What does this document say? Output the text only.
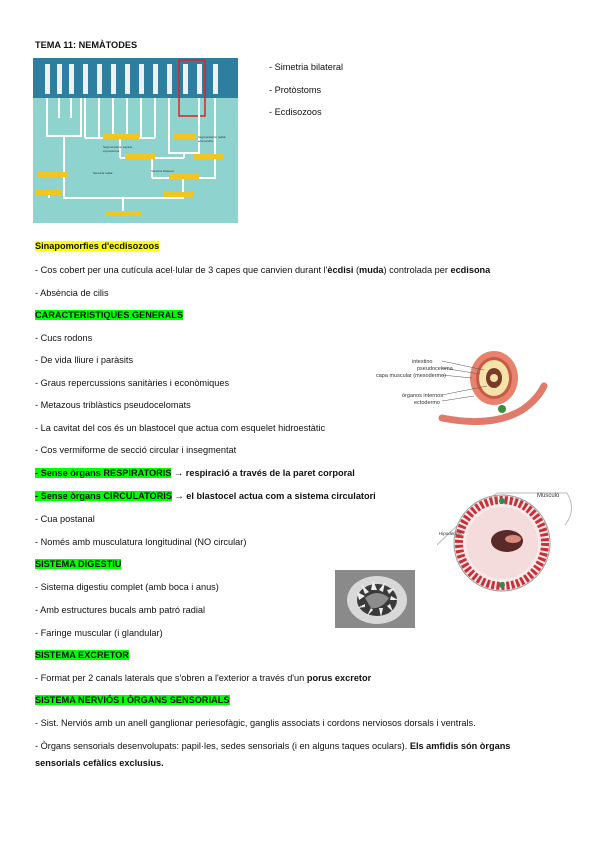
TEMA 11: NEMÀTODES
Segmentación espiral,
exposcecría,
Simetría radial	Simetría bilateral
Segmentación radial,
enterocelia,
- Simetria bilateral
- Protòstoms
- Ecdisozoos
Sinapomorfies d'ecdisozoos
- Cos cobert per una cutícula acel·lular de 3 capes que canvien durant l'ècdisi (muda) controlada per ecdisona
- Absència de cilis
CARACTERISTIQUES GENERALS
- Cucs rodons
- De vida lliure i paràsits
- Graus repercussions sanitàries i econòmiques
- Metazous triblàstics pseudocelomats
- La cavitat del cos és un blastocel que actua com esquelet hidroestàtic
- Cos vermiforme de secció circular i insegmentat
- Sense òrgans RESPIRATORIS → respiració a través de la paret corporal
- Sense òrgans CIRCULATORIS → el blastocel actua com a sistema circulatori
- Cua postanal
- Només amb musculatura longitudinal (NO circular)
intestino
pseudoceloma
capa muscular (mesodermo)
órganos internos
ectodermo
Músculo
Hipodermis
SISTEMA DIGESTIU
- Sistema digestiu complet (amb boca i anus)
- Amb estructures bucals amb patró radial
- Faringe muscular (i glandular)
SISTEMA EXCRETOR
- Format per 2 canals laterals que s'obren a l'exterior a través d'un porus excretor
SISTEMA NERVIÓS I ÒRGANS SENSORIALS
- Sist. Nerviós amb un anell ganglionar periesofàgic, ganglis associats i cordons nerviosos dorsals i ventrals.
- Òrgans sensorials desenvolupats: papil·les, sedes sensorials (i en alguns taques oculars). Els amfidis són òrgans sensorials cefàlics exclusius.
